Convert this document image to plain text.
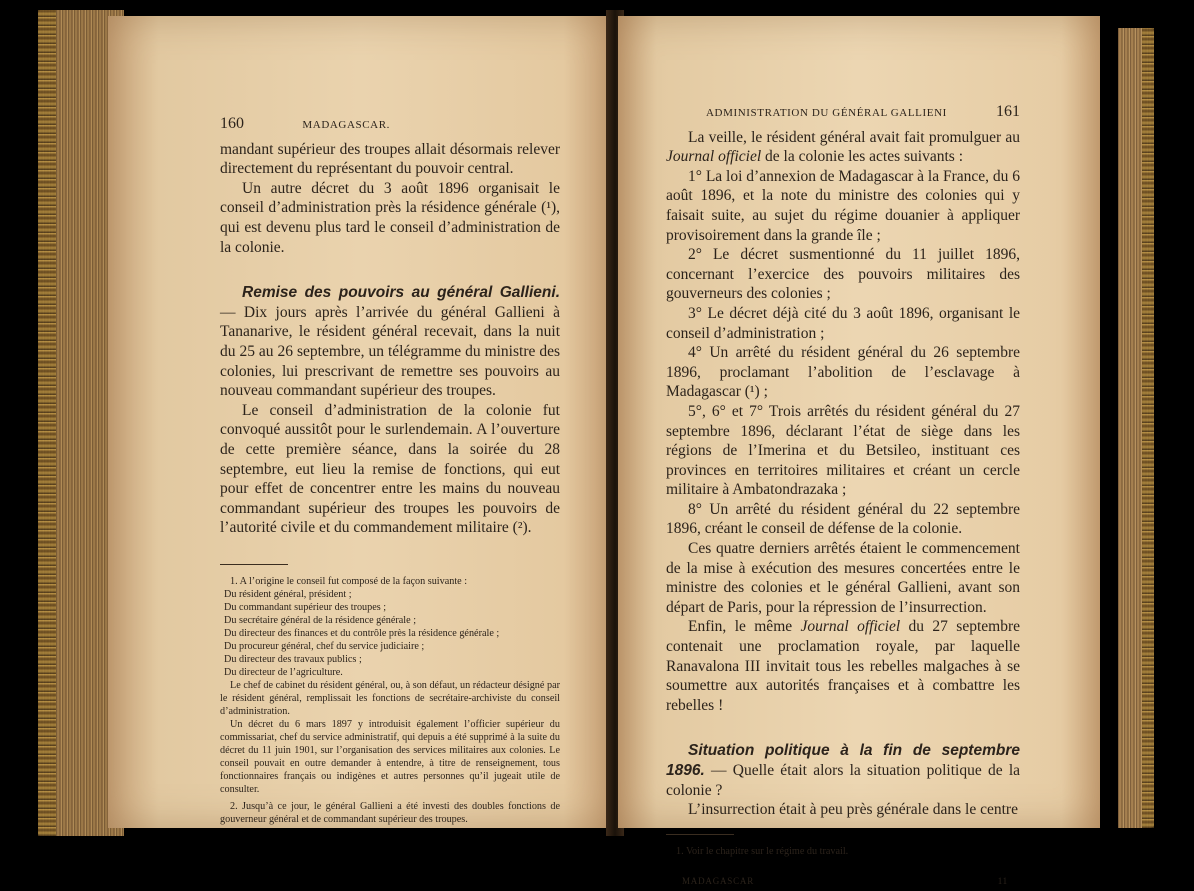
160	MADAGASCAR.

mandant supérieur des troupes allait désormais relever directement du représentant du pouvoir central.

Un autre décret du 3 août 1896 organisait le conseil d’administration près la résidence générale (¹), qui est devenu plus tard le conseil d’administration de la colonie.

Remise des pouvoirs au général Gallieni. — Dix jours après l’arrivée du général Gallieni à Tananarive, le résident général recevait, dans la nuit du 25 au 26 septembre, un télégramme du ministre des colonies, lui prescrivant de remettre ses pouvoirs au nouveau commandant supérieur des troupes.

Le conseil d’administration de la colonie fut convoqué aussitôt pour le surlendemain. A l’ouverture de cette première séance, dans la soirée du 28 septembre, eut lieu la remise de fonctions, qui eut pour effet de concentrer entre les mains du nouveau commandant supérieur des troupes les pouvoirs de l’autorité civile et du commandement militaire (²).

1. A l’origine le conseil fut composé de la façon suivante :

Du résident général, président ;

Du commandant supérieur des troupes ;

Du secrétaire général de la résidence générale ;

Du directeur des finances et du contrôle près la résidence générale ;

Du procureur général, chef du service judiciaire ;

Du directeur des travaux publics ;

Du directeur de l’agriculture.

Le chef de cabinet du résident général, ou, à son défaut, un rédacteur désigné par le résident général, remplissait les fonctions de secrétaire-archiviste du conseil d’administration.

Un décret du 6 mars 1897 y introduisit également l’officier supérieur du commissariat, chef du service administratif, qui depuis a été supprimé à la suite du décret du 11 juin 1901, sur l’organisation des services militaires aux colonies. Le conseil pouvait en outre demander à entendre, à titre de renseignement, tous fonctionnaires français ou indigènes et autres personnes qu’il jugeait utile de consulter.

2. Jusqu’à ce jour, le général Gallieni a été investi des doubles fonctions de gouverneur général et de commandant supérieur des troupes.

ADMINISTRATION DU GÉNÉRAL GALLIENI	161

La veille, le résident général avait fait promulguer au Journal officiel de la colonie les actes suivants :

1° La loi d’annexion de Madagascar à la France, du 6 août 1896, et la note du ministre des colonies qui y faisait suite, au sujet du régime douanier à appliquer provisoirement dans la grande île ;

2° Le décret susmentionné du 11 juillet 1896, concernant l’exercice des pouvoirs militaires des gouverneurs des colonies ;

3° Le décret déjà cité du 3 août 1896, organisant le conseil d’administration ;

4° Un arrêté du résident général du 26 septembre 1896, proclamant l’abolition de l’esclavage à Madagascar (¹) ;

5°, 6° et 7° Trois arrêtés du résident général du 27 septembre 1896, déclarant l’état de siège dans les régions de l’Imerina et du Betsileo, instituant ces provinces en territoires militaires et créant un cercle militaire à Ambatondrazaka ;

8° Un arrêté du résident général du 22 septembre 1896, créant le conseil de défense de la colonie.

Ces quatre derniers arrêtés étaient le commencement de la mise à exécution des mesures concertées entre le ministre des colonies et le général Gallieni, avant son départ de Paris, pour la répression de l’insurrection.

Enfin, le même Journal officiel du 27 septembre contenait une proclamation royale, par laquelle Ranavalona III invitait tous les rebelles malgaches à se soumettre aux autorités françaises et à combattre les rebelles !

Situation politique à la fin de septembre 1896. — Quelle était alors la situation politique de la colonie ?

L’insurrection était à peu près générale dans le centre

1. Voir le chapitre sur le régime du travail.

MADAGASCAR	11
